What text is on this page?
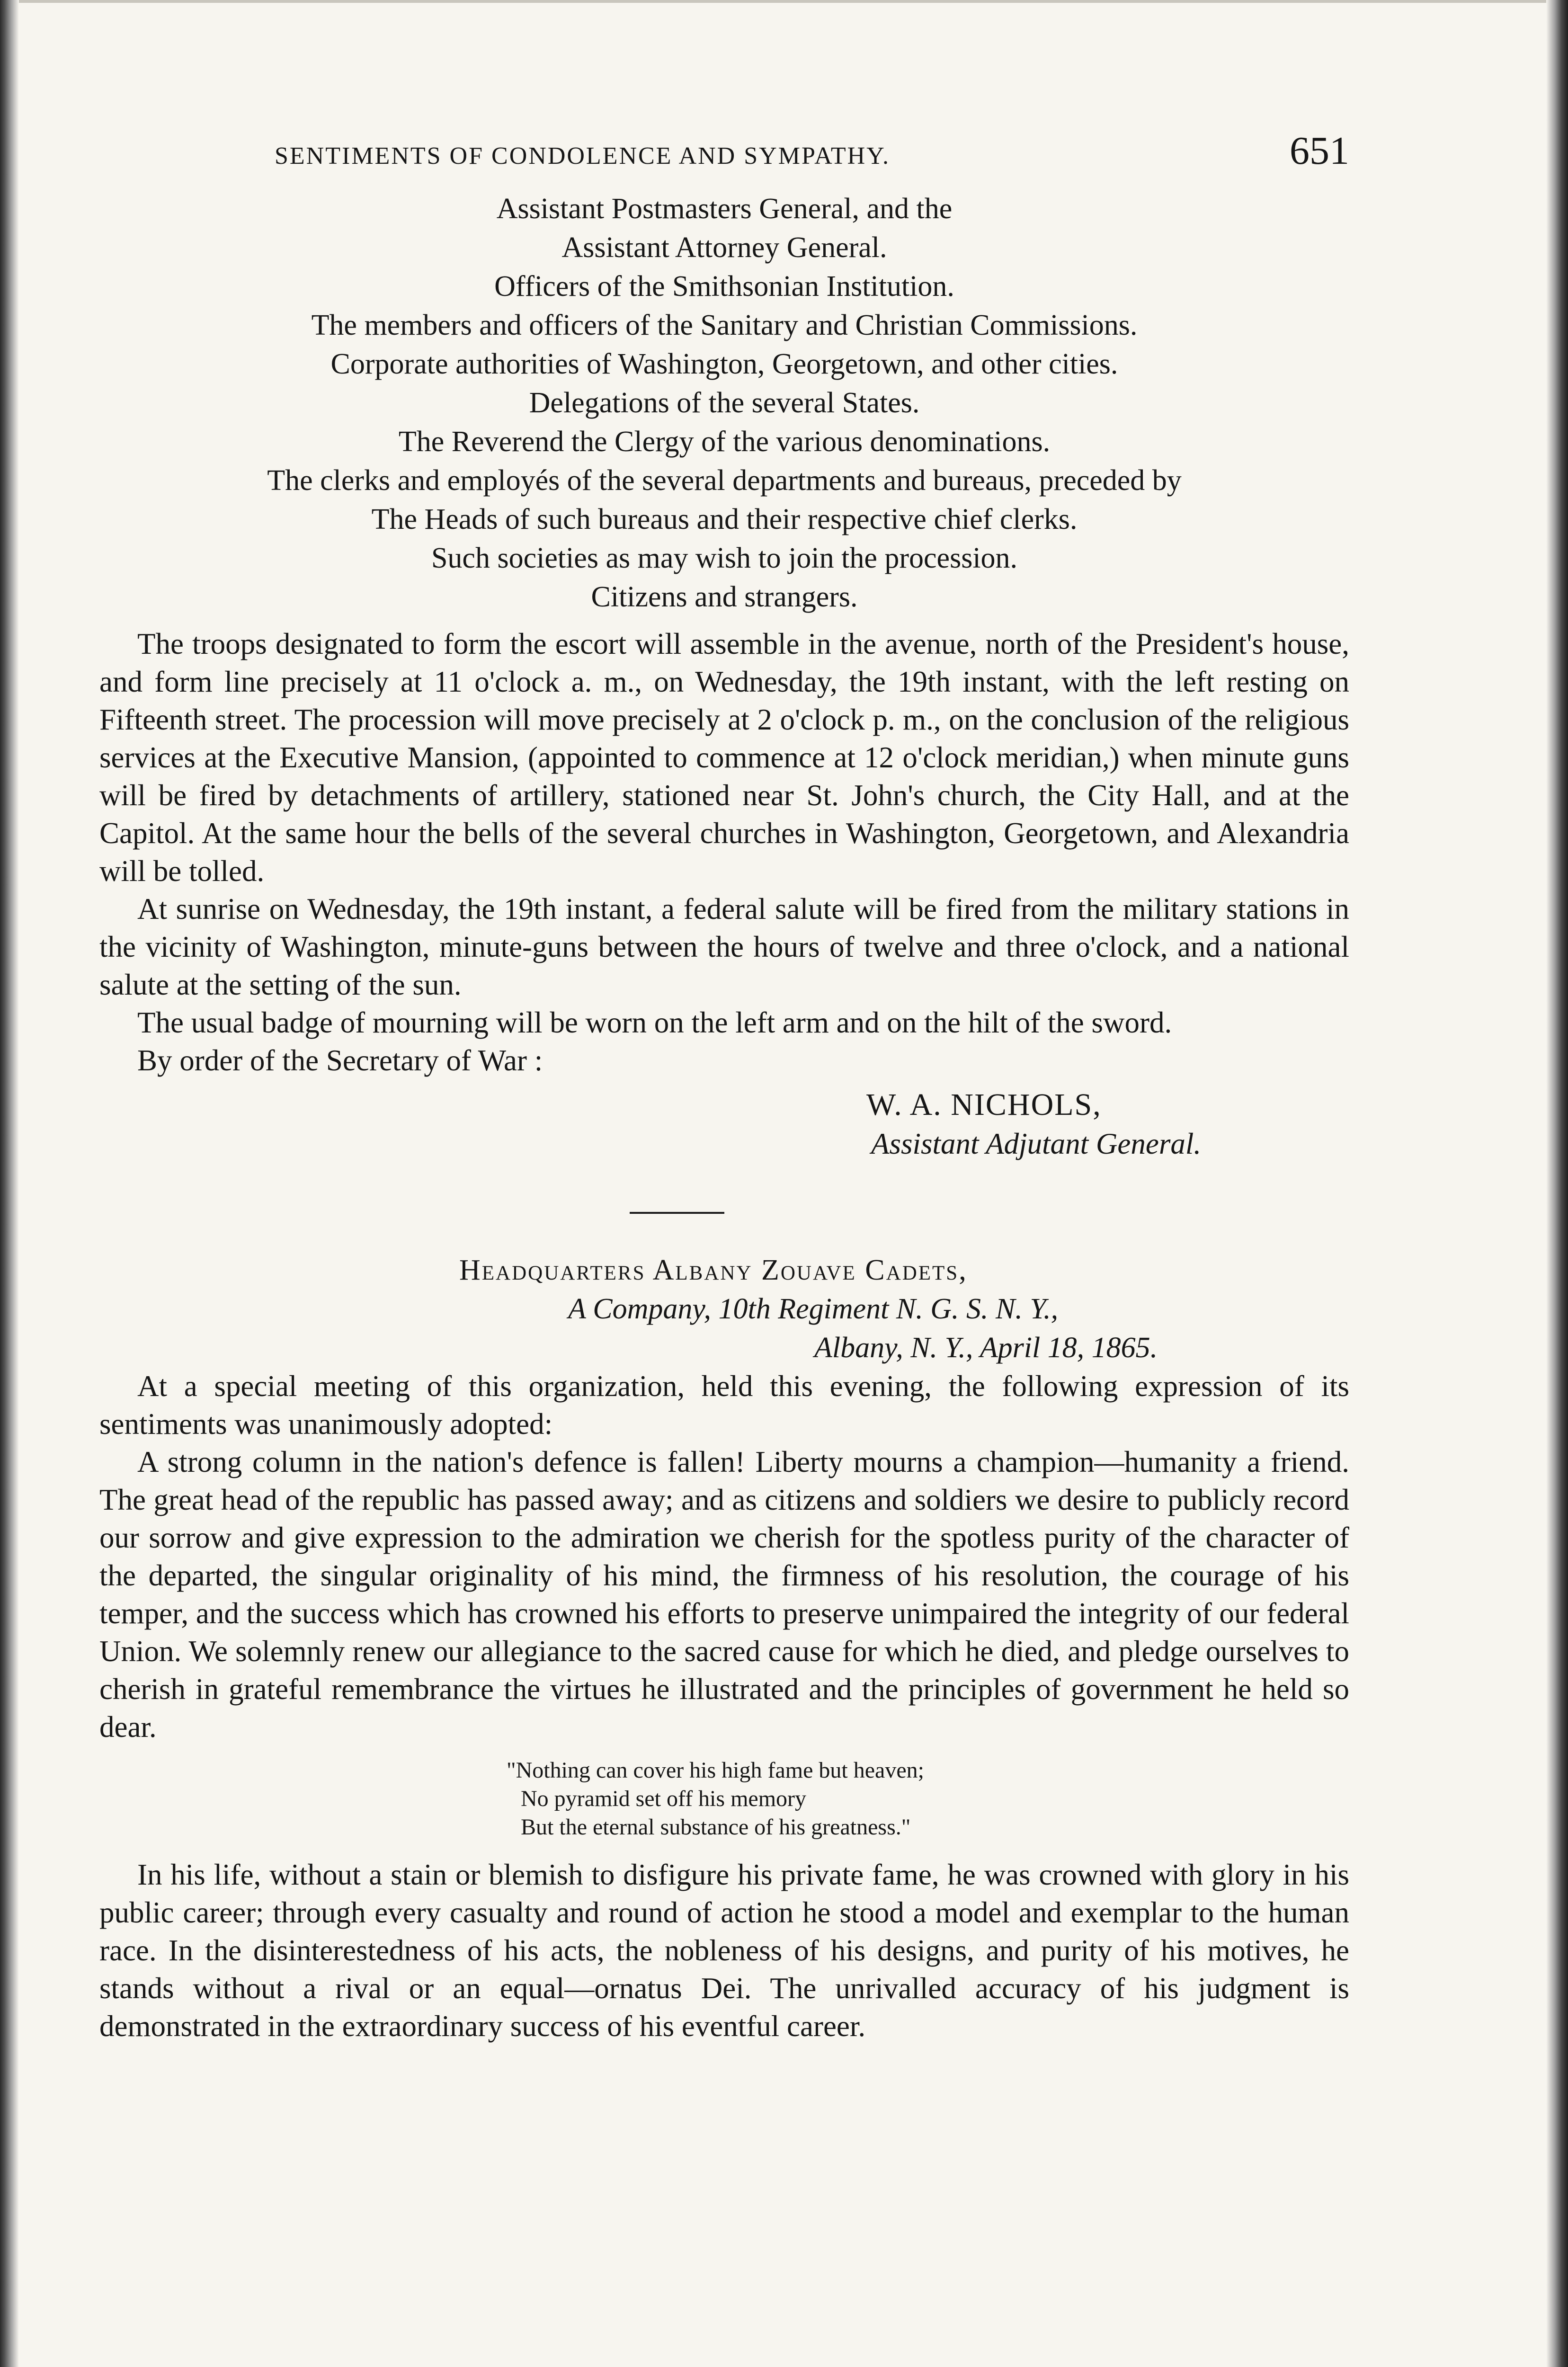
SENTIMENTS OF CONDOLENCE AND SYMPATHY.	651
Assistant Postmasters General, and the
Assistant Attorney General.
Officers of the Smithsonian Institution.
The members and officers of the Sanitary and Christian Commissions.
Corporate authorities of Washington, Georgetown, and other cities.
Delegations of the several States.
The Reverend the Clergy of the various denominations.
The clerks and employés of the several departments and bureaus, preceded by
The Heads of such bureaus and their respective chief clerks.
Such societies as may wish to join the procession.
Citizens and strangers.

The troops designated to form the escort will assemble in the avenue, north of the President's house, and form line precisely at 11 o'clock a. m., on Wednesday, the 19th instant, with the left resting on Fifteenth street. The procession will move precisely at 2 o'clock p. m., on the conclusion of the religious services at the Executive Mansion, (appointed to commence at 12 o'clock meridian,) when minute guns will be fired by detachments of artillery, stationed near St. John's church, the City Hall, and at the Capitol. At the same hour the bells of the several churches in Washington, Georgetown, and Alexandria will be tolled.

At sunrise on Wednesday, the 19th instant, a federal salute will be fired from the military stations in the vicinity of Washington, minute-guns between the hours of twelve and three o'clock, and a national salute at the setting of the sun.

The usual badge of mourning will be worn on the left arm and on the hilt of the sword.

By order of the Secretary of War :

W. A. NICHOLS,
Assistant Adjutant General.
Headquarters Albany Zouave Cadets,
A Company, 10th Regiment N. G. S. N. Y.,
Albany, N. Y., April 18, 1865.

At a special meeting of this organization, held this evening, the following expression of its sentiments was unanimously adopted:

A strong column in the nation's defence is fallen! Liberty mourns a champion—humanity a friend. The great head of the republic has passed away; and as citizens and soldiers we desire to publicly record our sorrow and give expression to the admiration we cherish for the spotless purity of the character of the departed, the singular originality of his mind, the firmness of his resolution, the courage of his temper, and the success which has crowned his efforts to preserve unimpaired the integrity of our federal Union. We solemnly renew our allegiance to the sacred cause for which he died, and pledge ourselves to cherish in grateful remembrance the virtues he illustrated and the principles of government he held so dear.

"Nothing can cover his high fame but heaven;
No pyramid set off his memory
But the eternal substance of his greatness."

In his life, without a stain or blemish to disfigure his private fame, he was crowned with glory in his public career; through every casualty and round of action he stood a model and exemplar to the human race. In the disinterestedness of his acts, the nobleness of his designs, and purity of his motives, he stands without a rival or an equal—ornatus Dei. The unrivalled accuracy of his judgment is demonstrated in the extraordinary success of his eventful career.
